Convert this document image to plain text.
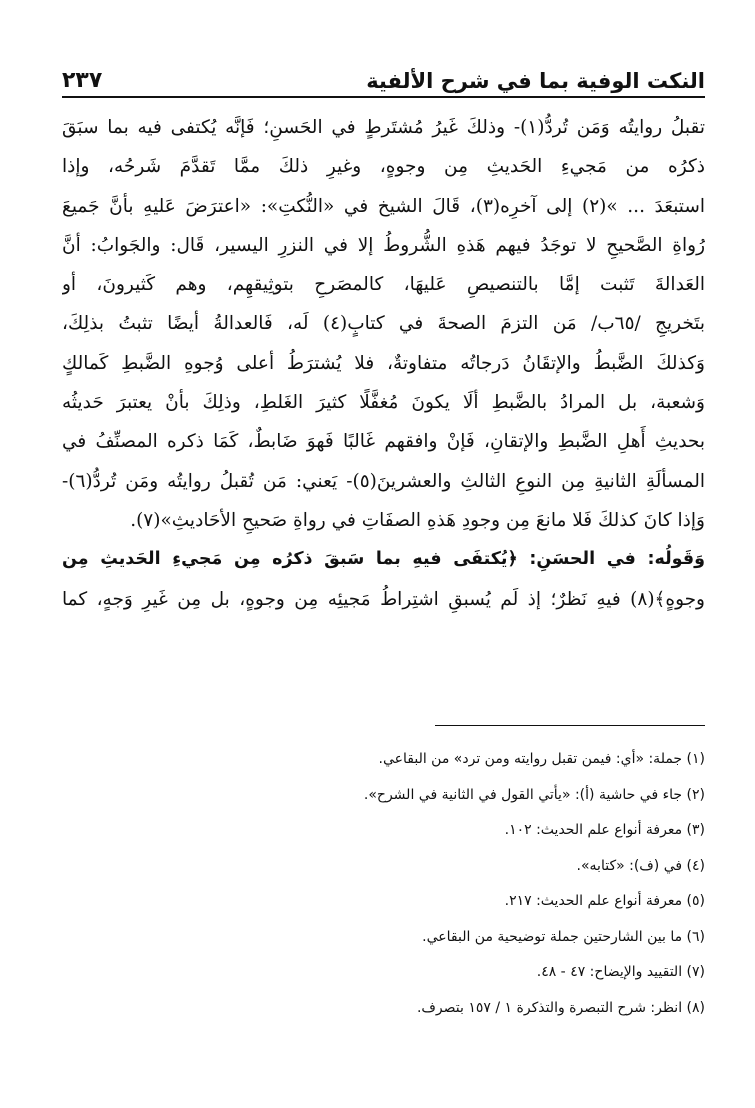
النكت الوفية بما في شرح الألفية
٢٣٧
تقبلُ روايتُه وَمَن تُردُّ(١)- وذلكَ غَيرُ مُشتَرطٍ في الحَسنِ؛ فَإنَّه يُكتفى فيه بما سبَقَ
ذكرُه من مَجيءِ الحَديثِ مِن وجوهٍ، وغيرِ ذلكَ ممَّا تَقدَّمَ شَرحُه، وإذا
استبعَدَ ... »(٢) إلى آخرِه(٣)، قَالَ الشيخ في «النُّكتِ»: «اعترَضَ عَليهِ بأنَّ جَميعَ
رُواةِ الصَّحيحِ لا توجَدُ فيهم هَذهِ الشُّروطُ إلا في النزرِ اليسير، قَال: والجَوابُ: أنَّ
العَدالةَ تَثبت إمَّا بالتنصيصِ عَليهَا، كالمصَرحِ بتوثِيقهِم، وهم كَثيرونَ، أو
بتَخريجِ /٦٥ب/ مَن التزمَ الصحةَ في كتابٍ(٤) لَه، فَالعدالةُ أيضًا تثبتُ بذلِكَ،
وَكذلكَ الضَّبطُ والإتقَانُ دَرجاتُه متفاوتةٌ، فلا يُشترَطُ أعلى وُجوهِ الضَّبطِ كَمالكٍ
وَشعبة، بل المرادُ بالضَّبطِ ألَا يكونَ مُغفَّلًا كثيرَ الغَلطِ، وذلِكَ بأنْ يعتبرَ حَديثُه
بحديثِ أَهلِ الضَّبطِ والإتقانِ، فَإنْ وافقهم غَالبًا فَهوَ ضَابطٌ، كَمَا ذكره المصنِّفُ في
المسألَةِ الثانيةِ مِن النوعِ الثالثِ والعشرينَ(٥)- يَعني: مَن تُقبلُ روايتُه ومَن تُردُّ(٦)-
وَإذا كانَ كذلكَ فَلا مانعَ مِن وجودِ هَذهِ الصفَاتِ في رواةِ صَحيحِ الأحَاديثِ»(٧).
وَقَولُه: في الحسَنِ: ﴿يُكتفَى فيهِ بما سَبقَ ذكرُه مِن مَجيءِ الحَديثِ مِن
وجوهٍ﴾(٨) فيهِ نَظرٌ؛ إذ لَم يُسبقِ اشتِراطُ مَجيئِه مِن وجوهٍ، بل مِن غَيرِ وَجهٍ، كما
(١) جملة: «أي: فيمن تقبل روايته ومن ترد» من البقاعي.
(٢) جاء في حاشية (أ): «يأتي القول في الثانية في الشرح».
(٣) معرفة أنواع علم الحديث: ١٠٢.
(٤) في (ف): «كتابه».
(٥) معرفة أنواع علم الحديث: ٢١٧.
(٦) ما بين الشارحتين جملة توضيحية من البقاعي.
(٧) التقييد والإيضاح: ٤٧ - ٤٨.
(٨) انظر: شرح التبصرة والتذكرة ١ / ١٥٧ بتصرف.
